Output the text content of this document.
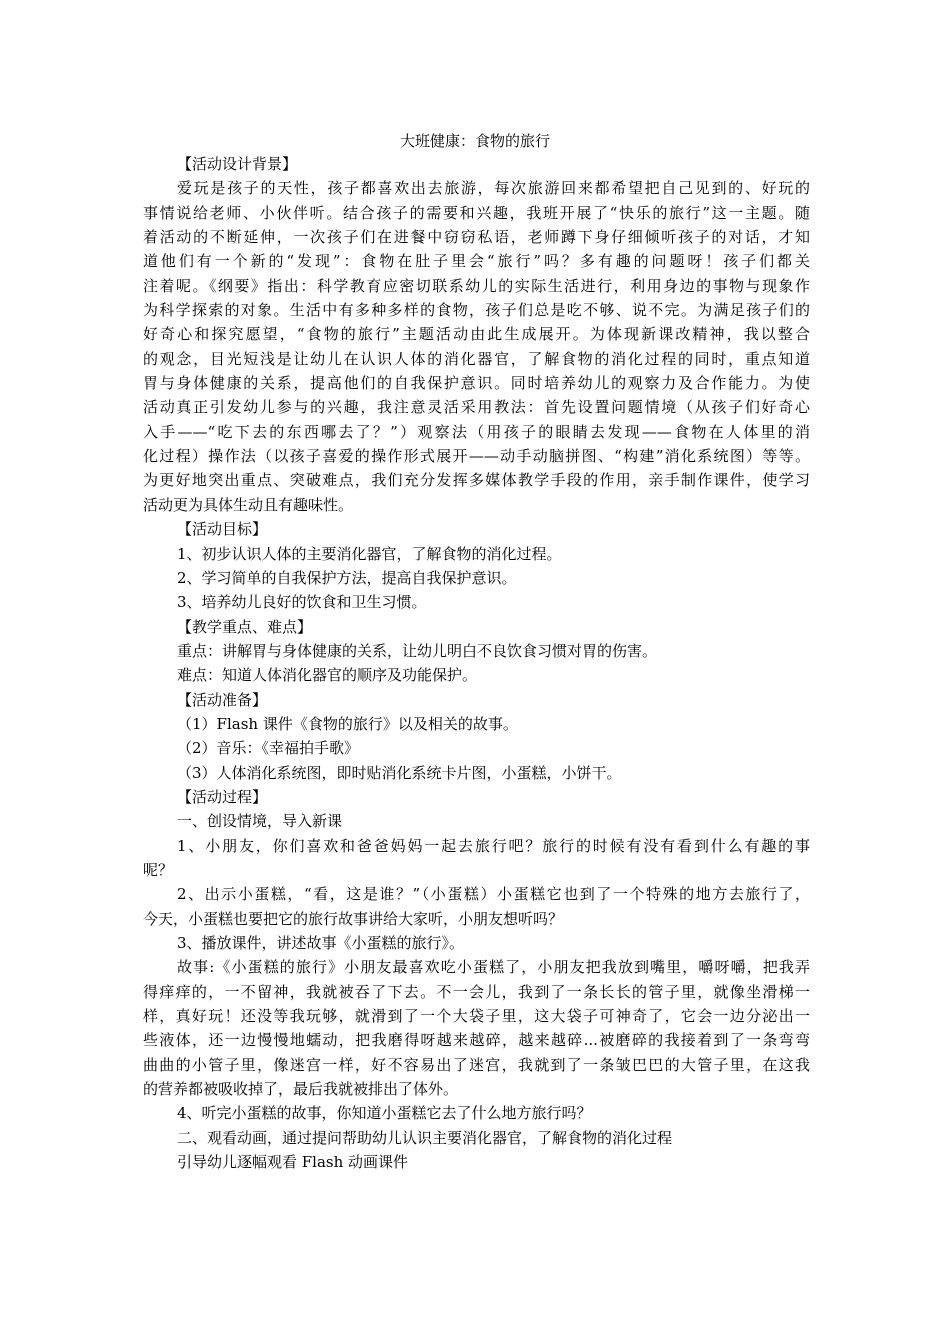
大班健康：食物的旅行
【活动设计背景】
爱玩是孩子的天性，孩子都喜欢出去旅游，每次旅游回来都希望把自己见到的、好玩的
事情说给老师、小伙伴听。结合孩子的需要和兴趣，我班开展了“快乐的旅行”这一主题。随
着活动的不断延伸，一次孩子们在进餐中窃窃私语，老师蹲下身仔细倾听孩子的对话，才知
道他们有一个新的“发现”：食物在肚子里会“旅行”吗？多有趣的问题呀！孩子们都关
注着呢。《纲要》指出：科学教育应密切联系幼儿的实际生活进行，利用身边的事物与现象作
为科学探索的对象。生活中有多种多样的食物，孩子们总是吃不够、说不完。为满足孩子们的
好奇心和探究愿望，“食物的旅行”主题活动由此生成展开。为体现新课改精神，我以整合
的观念，目光短浅是让幼儿在认识人体的消化器官，了解食物的消化过程的同时，重点知道
胃与身体健康的关系，提高他们的自我保护意识。同时培养幼儿的观察力及合作能力。为使
活动真正引发幼儿参与的兴趣，我注意灵活采用教法：首先设置问题情境（从孩子们好奇心
入手——“吃下去的东西哪去了？”）观察法（用孩子的眼睛去发现——食物在人体里的消
化过程）操作法（以孩子喜爱的操作形式展开——动手动脑拼图、“构建”消化系统图）等等。
为更好地突出重点、突破难点，我们充分发挥多媒体教学手段的作用，亲手制作课件，使学习
活动更为具体生动且有趣味性。
【活动目标】
1、初步认识人体的主要消化器官，了解食物的消化过程。
2、学习简单的自我保护方法，提高自我保护意识。
3、培养幼儿良好的饮食和卫生习惯。
【教学重点、难点】
重点：讲解胃与身体健康的关系，让幼儿明白不良饮食习惯对胃的伤害。
难点：知道人体消化器官的顺序及功能保护。
【活动准备】
（1）Flash 课件《食物的旅行》以及相关的故事。
（2）音乐：《幸福拍手歌》
（3）人体消化系统图，即时贴消化系统卡片图，小蛋糕，小饼干。
【活动过程】
一、创设情境，导入新课
1、小朋友，你们喜欢和爸爸妈妈一起去旅行吧？旅行的时候有没有看到什么有趣的事
呢？
2、出示小蛋糕，“看，这是谁？”（小蛋糕）小蛋糕它也到了一个特殊的地方去旅行了，
今天，小蛋糕也要把它的旅行故事讲给大家听，小朋友想听吗？
3、播放课件，讲述故事《小蛋糕的旅行》。
故事:《小蛋糕的旅行》小朋友最喜欢吃小蛋糕了，小朋友把我放到嘴里，嚼呀嚼，把我弄
得痒痒的，一不留神，我就被吞了下去。不一会儿，我到了一条长长的管子里，就像坐滑梯一
样，真好玩！还没等我玩够，就滑到了一个大袋子里，这大袋子可神奇了，它会一边分泌出一
些液体，还一边慢慢地蠕动，把我磨得呀越来越碎，越来越碎...被磨碎的我接着到了一条弯弯
曲曲的小管子里，像迷宫一样，好不容易出了迷宫，我就到了一条皱巴巴的大管子里，在这我
的营养都被吸收掉了，最后我就被排出了体外。
4、听完小蛋糕的故事，你知道小蛋糕它去了什么地方旅行吗？
二、观看动画，通过提问帮助幼儿认识主要消化器官，了解食物的消化过程
引导幼儿逐幅观看 Flash 动画课件
